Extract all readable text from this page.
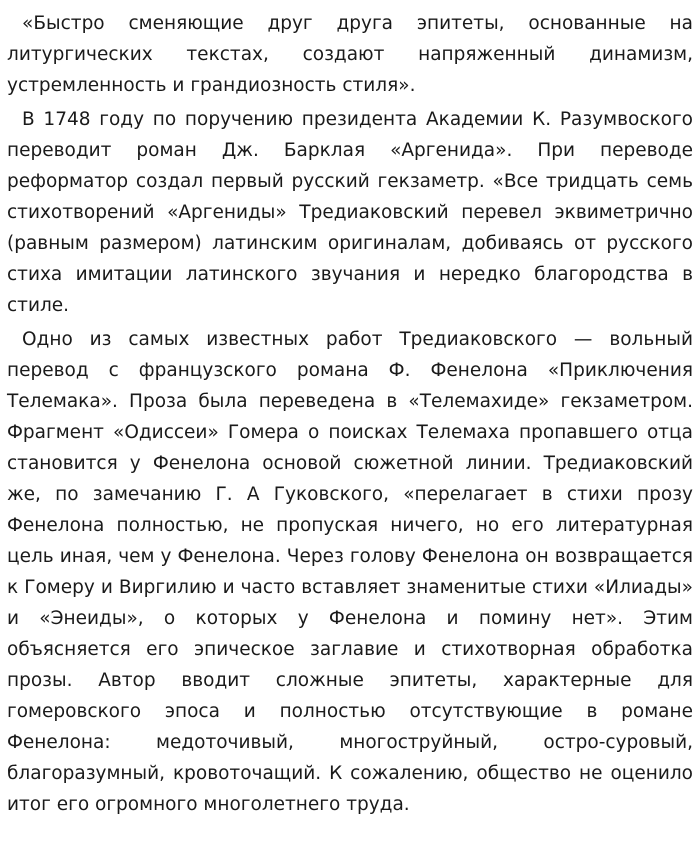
«Быстро сменяющие друг друга эпитеты, основанные на литургических текстах, создают напряженный динамизм, устремленность и грандиозность стиля».

В 1748 году по поручению президента Академии К. Разумвоского переводит роман Дж. Барклая «Аргенида». При переводе реформатор создал первый русский гекзаметр. «Все тридцать семь стихотворений «Аргениды» Тредиаковский перевел эквиметрично (равным размером) латинским оригиналам, добиваясь от русского стиха имитации латинского звучания и нередко благородства в стиле.

Одно из самых известных работ Тредиаковского — вольный перевод с французского романа Ф. Фенелона «Приключения Телемака». Проза была переведена в «Телемахиде» гекзаметром. Фрагмент «Одиссеи» Гомера о поисках Телемаха пропавшего отца становится у Фенелона основой сюжетной линии. Тредиаковский же, по замечанию Г. А Гуковского, «перелагает в стихи прозу Фенелона полностью, не пропуская ничего, но его литературная цель иная, чем у Фенелона. Через голову Фенелона он возвращается к Гомеру и Виргилию и часто вставляет знаменитые стихи «Илиады» и «Энеиды», о которых у Фенелона и помину нет». Этим объясняется его эпическое заглавие и стихотворная обработка прозы. Автор вводит сложные эпитеты, характерные для гомеровского эпоса и полностью отсутствующие в романе Фенелона: медоточивый, многоструйный, остро-суровый, благоразумный, кровоточащий. К сожалению, общество не оценило итог его огромного многолетнего труда.
